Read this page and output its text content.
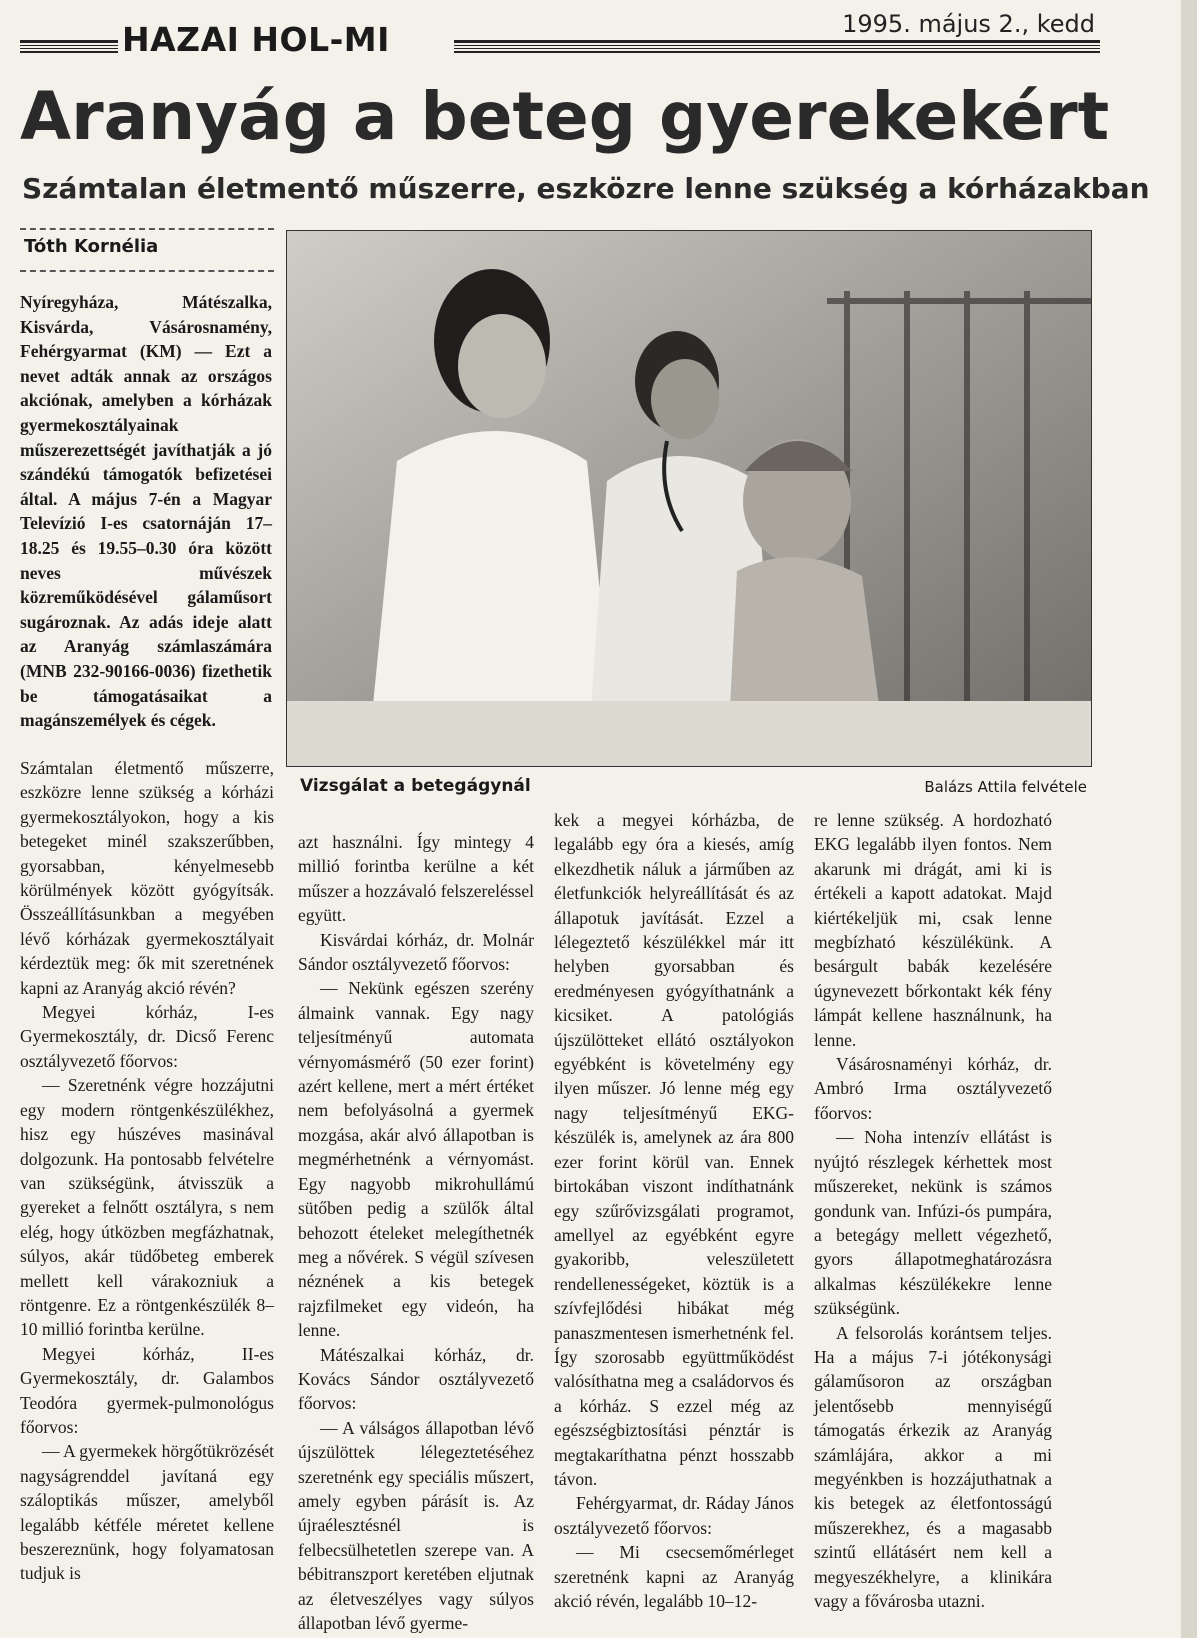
HAZAI HOL-MI	1995. május 2., kedd
Aranyág a beteg gyerekekért
Számtalan életmentő műszerre, eszközre lenne szükség a kórházakban
Tóth Kornélia

Nyíregyháza, Mátészalka, Kisvárda, Vásárosnamény, Fehérgyarmat (KM) — Ezt a nevet adták annak az országos akciónak, amelyben a kórházak gyermekosztályainak műszerezettségét javíthatják a jó szándékú támogatók befizetései által. A május 7-én a Magyar Televízió I-es csatornáján 17–18.25 és 19.55–0.30 óra között neves művészek közreműködésével gálaműsort sugároznak. Az adás ideje alatt az Aranyág számlaszámára (MNB 232-90166-0036) fizethetik be támogatásaikat a magánszemélyek és cégek.

Vizsgálat a betegágynál	Balázs Attila felvétele

Számtalan életmentő műszerre, eszközre lenne szükség a kórházi gyermekosztályokon, hogy a kis betegeket minél szakszerűbben, gyorsabban, kényelmesebb körülmények között gyógyítsák. Összeállításunkban a megyében lévő kórházak gyermekosztályait kérdeztük meg: ők mit szeretnének kapni az Aranyág akció révén?

Megyei kórház, I-es Gyermekosztály, dr. Dicső Ferenc osztályvezető főorvos:

— Szeretnénk végre hozzájutni egy modern röntgenkészülékhez, hisz egy húszéves masinával dolgozunk. Ha pontosabb felvételre van szükségünk, átvisszük a gyereket a felnőtt osztályra, s nem elég, hogy útközben megfázhatnak, súlyos, akár tüdőbeteg emberek mellett kell várakozniuk a röntgenre. Ez a röntgenkészülék 8–10 millió forintba kerülne.

Megyei kórház, II-es Gyermekosztály, dr. Galambos Teodóra gyermek-pulmonológus főorvos:

— A gyermekek hörgőtükrözését nagyságrenddel javítaná egy száloptikás műszer, amelyből legalább kétféle méretet kellene beszereznünk, hogy folyamatosan tudjuk is

azt használni. Így mintegy 4 millió forintba kerülne a két műszer a hozzávaló felszereléssel együtt.

Kisvárdai kórház, dr. Molnár Sándor osztályvezető főorvos:

— Nekünk egészen szerény álmaink vannak. Egy nagy teljesítményű automata vérnyomásmérő (50 ezer forint) azért kellene, mert a mért értéket nem befolyásolná a gyermek mozgása, akár alvó állapotban is megmérhetnénk a vérnyomást. Egy nagyobb mikrohullámú sütőben pedig a szülők által behozott ételeket melegíthetnék meg a nővérek. S végül szívesen néznének a kis betegek rajzfilmeket egy videón, ha lenne.

Mátészalkai kórház, dr. Kovács Sándor osztályvezető főorvos:

— A válságos állapotban lévő újszülöttek lélegeztetéséhez szeretnénk egy speciális műszert, amely egyben párásít is. Az újraélesztésnél is felbecsülhetetlen szerepe van. A bébitranszport keretében eljutnak az életveszélyes vagy súlyos állapotban lévő gyerme-

kek a megyei kórházba, de legalább egy óra a kiesés, amíg elkezdhetik náluk a járműben az életfunkciók helyreállítását és az állapotuk javítását. Ezzel a lélegeztető készülékkel már itt helyben gyorsabban és eredményesen gyógyíthatnánk a kicsiket. A patológiás újszülötteket ellátó osztályokon egyébként is követelmény egy ilyen műszer. Jó lenne még egy nagy teljesítményű EKG-készülék is, amelynek az ára 800 ezer forint körül van. Ennek birtokában viszont indíthatnánk egy szűrővizsgálati programot, amellyel az egyébként egyre gyakoribb, veleszületett rendellenességeket, köztük is a szívfejlődési hibákat még panaszmentesen ismerhetnénk fel. Így szorosabb együttműködést valósíthatna meg a családorvos és a kórház. S ezzel még az egészségbiztosítási pénztár is megtakaríthatna pénzt hosszabb távon.

Fehérgyarmat, dr. Ráday János osztályvezető főorvos:

— Mi csecsemőmérleget szeretnénk kapni az Aranyág akció révén, legalább 10–12-

re lenne szükség. A hordozható EKG legalább ilyen fontos. Nem akarunk mi drágát, ami ki is értékeli a kapott adatokat. Majd kiértékeljük mi, csak lenne megbízható készülékünk. A besárgult babák kezelésére úgynevezett bőrkontakt kék fény lámpát kellene használnunk, ha lenne.

Vásárosnaményi kórház, dr. Ambró Irma osztályvezető főorvos:

— Noha intenzív ellátást is nyújtó részlegek kérhettek most műszereket, nekünk is számos gondunk van. Infúzi-ós pumpára, a betegágy mellett végezhető, gyors állapotmeghatározásra alkalmas készülékekre lenne szükségünk.

A felsorolás korántsem teljes. Ha a május 7-i jótékonysági gálaműsoron az országban jelentősebb mennyiségű támogatás érkezik az Aranyág számlájára, akkor a mi megyénkben is hozzájuthatnak a kis betegek az életfontosságú műszerekhez, és a magasabb szintű ellátásért nem kell a megyeszékhelyre, a klinikára vagy a fővárosba utazni.
